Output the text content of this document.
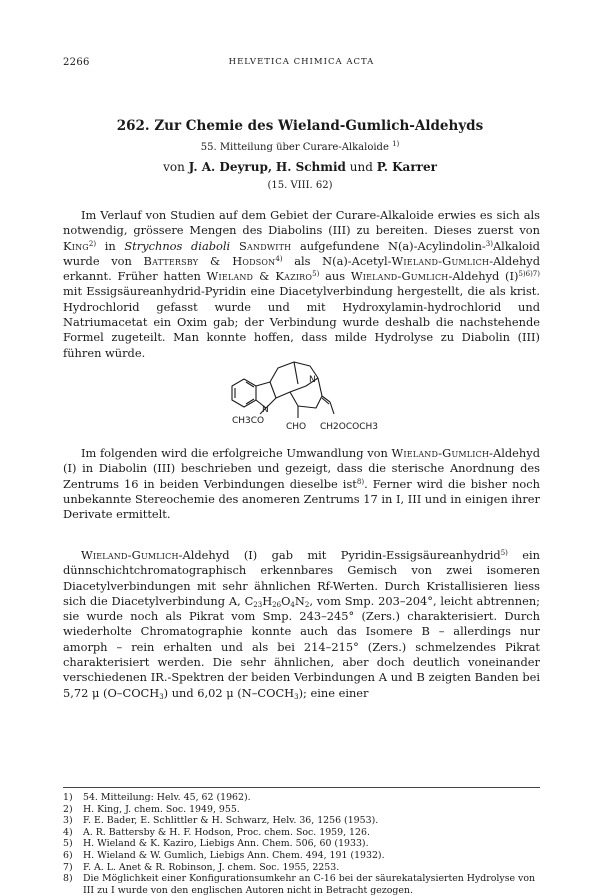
2266	HELVETICA CHIMICA ACTA
262. Zur Chemie des Wieland-Gumlich-Aldehyds
55. Mitteilung über Curare-Alkaloide $^{1)}$
von J. A. Deyrup, H. Schmid und P. Karrer
(15. VIII. 62)

Im Verlauf von Studien auf dem Gebiet der Curare-Alkaloide erwies es sich als notwendig, grössere Mengen des Diabolins (III) zu bereiten. Dieses zuerst von King$^{2)}$ in Strychnos diaboli Sandwith aufgefundene N(a)-Acylindolin-$^{3)}$Alkaloid wurde von Battersby & Hodson$^{4)}$ als N(a)-Acetyl-Wieland-Gumlich-Aldehyd erkannt. Früher hatten Wieland & Kaziro$^{5)}$ aus Wieland-Gumlich-Aldehyd $(I)^{5)6)7)}$ mit Essigsäureanhydrid-Pyridin eine Diacetylverbindung hergestellt, die als krist. Hydrochlorid gefasst wurde und mit Hydroxylamin-hydrochlorid und Natriumacetat ein Oxim gab; der Verbindung wurde deshalb die nachstehende Formel zugeteilt. Man konnte hoffen, dass milde Hydrolyse zu Diabolin (III) führen würde.

N
N
CH3CO
CHO CH2OCOCH3

Im folgenden wird die erfolgreiche Umwandlung von Wieland-Gumlich-Aldehyd (I) in Diabolin (III) beschrieben und gezeigt, dass die sterische Anordnung des Zentrums 16 in beiden Verbindungen dieselbe ist$^{8)}$. Ferner wird die bisher noch unbekannte Stereochemie des anomeren Zentrums 17 in I, III und in einigen ihrer Derivate ermittelt.

Wieland-Gumlich-Aldehyd (I) gab mit Pyridin-Essigsäureanhydrid$^{5)}$ ein dünnschichtchromatographisch erkennbares Gemisch von zwei isomeren Diacetylverbindungen mit sehr ähnlichen Rf-Werten. Durch Kristallisieren liess sich die Diacetylverbindung A, $C_{23}H_{26}O_4N_2$, vom Smp. 203–204°, leicht abtrennen; sie wurde noch als Pikrat vom Smp. 243–245° (Zers.) charakterisiert. Durch wiederholte Chromatographie konnte auch das Isomere B – allerdings nur amorph – rein erhalten und als bei 214–215° (Zers.) schmelzendes Pikrat charakterisiert werden. Die sehr ähnlichen, aber doch deutlich voneinander verschiedenen IR.-Spektren der beiden Verbindungen A und B zeigten Banden bei 5,72 μ $(O-COCH_3)$ und 6,02 μ $(N-COCH_3)$; eine einer

1)	54. Mitteilung: Helv. 45, 62 (1962).
2)	H. King, J. chem. Soc. 1949, 955.
3)	F. E. Bader, E. Schlittler & H. Schwarz, Helv. 36, 1256 (1953).
4)	A. R. Battersby & H. F. Hodson, Proc. chem. Soc. 1959, 126.
5)	H. Wieland & K. Kaziro, Liebigs Ann. Chem. 506, 60 (1933).
6)	H. Wieland & W. Gumlich, Liebigs Ann. Chem. 494, 191 (1932).
7)	F. A. L. Anet & R. Robinson, J. chem. Soc. 1955, 2253.
8)	Die Möglichkeit einer Konfigurationsumkehr an C-16 bei der säurekatalysierten Hydrolyse von III zu I wurde von den englischen Autoren nicht in Betracht gezogen.
